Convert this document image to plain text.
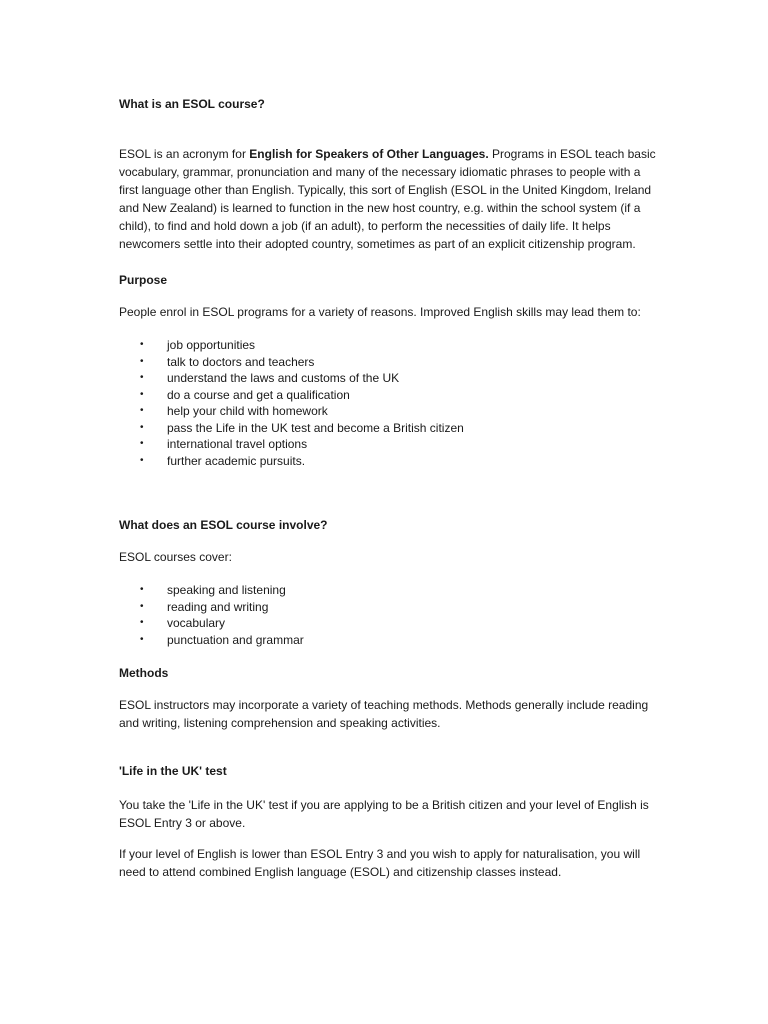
What is an ESOL course?

ESOL is an acronym for English for Speakers of Other Languages. Programs in ESOL teach basic vocabulary, grammar, pronunciation and many of the necessary idiomatic phrases to people with a first language other than English. Typically, this sort of English (ESOL in the United Kingdom, Ireland and New Zealand) is learned to function in the new host country, e.g. within the school system (if a child), to find and hold down a job (if an adult), to perform the necessities of daily life. It helps newcomers settle into their adopted country, sometimes as part of an explicit citizenship program.

Purpose

People enrol in ESOL programs for a variety of reasons. Improved English skills may lead them to:

• job opportunities
• talk to doctors and teachers
• understand the laws and customs of the UK
• do a course and get a qualification
• help your child with homework
• pass the Life in the UK test and become a British citizen
• international travel options
• further academic pursuits.
What does an ESOL course involve?

ESOL courses cover:

• speaking and listening
• reading and writing
• vocabulary
• punctuation and grammar
Methods

ESOL instructors may incorporate a variety of teaching methods. Methods generally include reading and writing, listening comprehension and speaking activities.

'Life in the UK' test

You take the 'Life in the UK' test if you are applying to be a British citizen and your level of English is ESOL Entry 3 or above.

If your level of English is lower than ESOL Entry 3 and you wish to apply for naturalisation, you will need to attend combined English language (ESOL) and citizenship classes instead.
